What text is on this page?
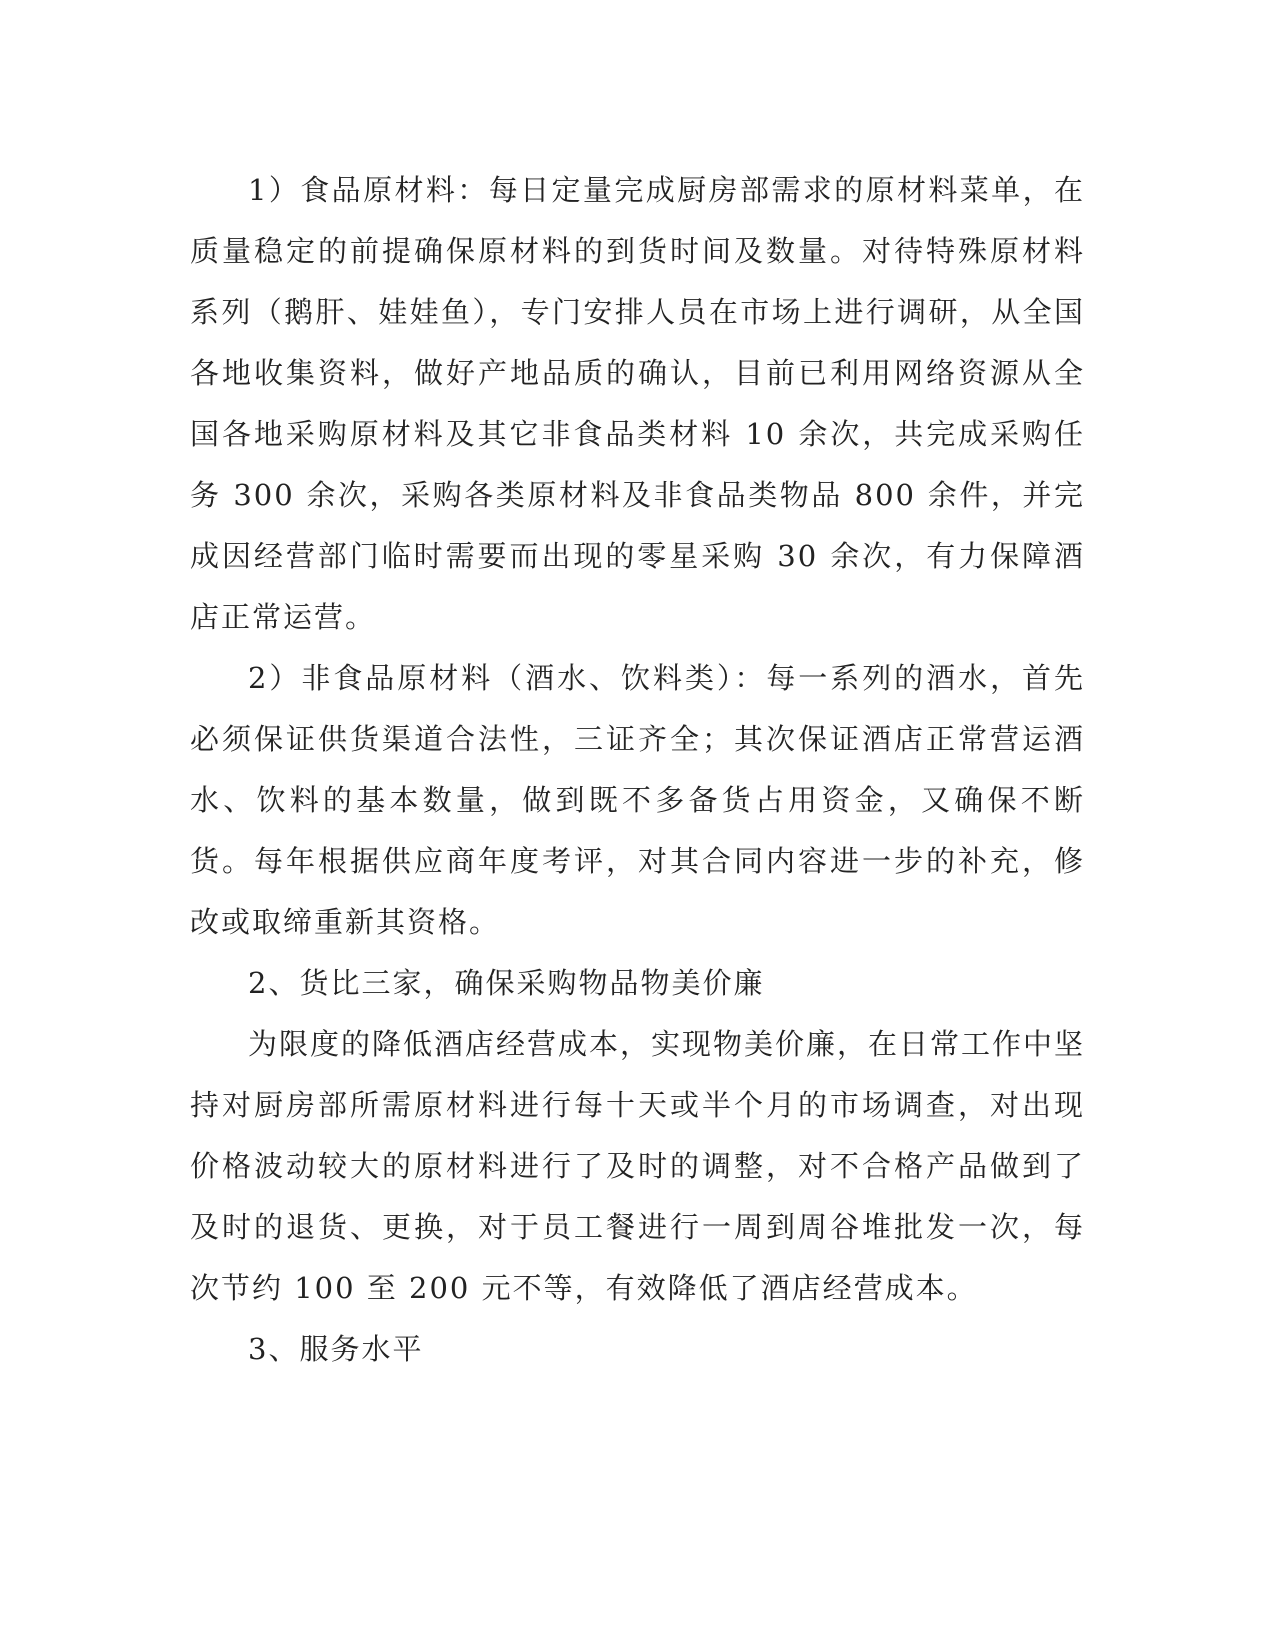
1）食品原材料：每日定量完成厨房部需求的原材料菜单，在质量稳定的前提确保原材料的到货时间及数量。对待特殊原材料系列（鹅肝、娃娃鱼），专门安排人员在市场上进行调研，从全国各地收集资料，做好产地品质的确认，目前已利用网络资源从全国各地采购原材料及其它非食品类材料 10 余次，共完成采购任务 300 余次，采购各类原材料及非食品类物品 800 余件，并完成因经营部门临时需要而出现的零星采购 30 余次，有力保障酒店正常运营。

2）非食品原材料（酒水、饮料类）：每一系列的酒水，首先必须保证供货渠道合法性，三证齐全；其次保证酒店正常营运酒水、饮料的基本数量，做到既不多备货占用资金，又确保不断货。每年根据供应商年度考评，对其合同内容进一步的补充，修改或取缔重新其资格。

2、货比三家，确保采购物品物美价廉

为限度的降低酒店经营成本，实现物美价廉，在日常工作中坚持对厨房部所需原材料进行每十天或半个月的市场调查，对出现价格波动较大的原材料进行了及时的调整，对不合格产品做到了及时的退货、更换，对于员工餐进行一周到周谷堆批发一次，每次节约 100 至 200 元不等，有效降低了酒店经营成本。

3、服务水平
